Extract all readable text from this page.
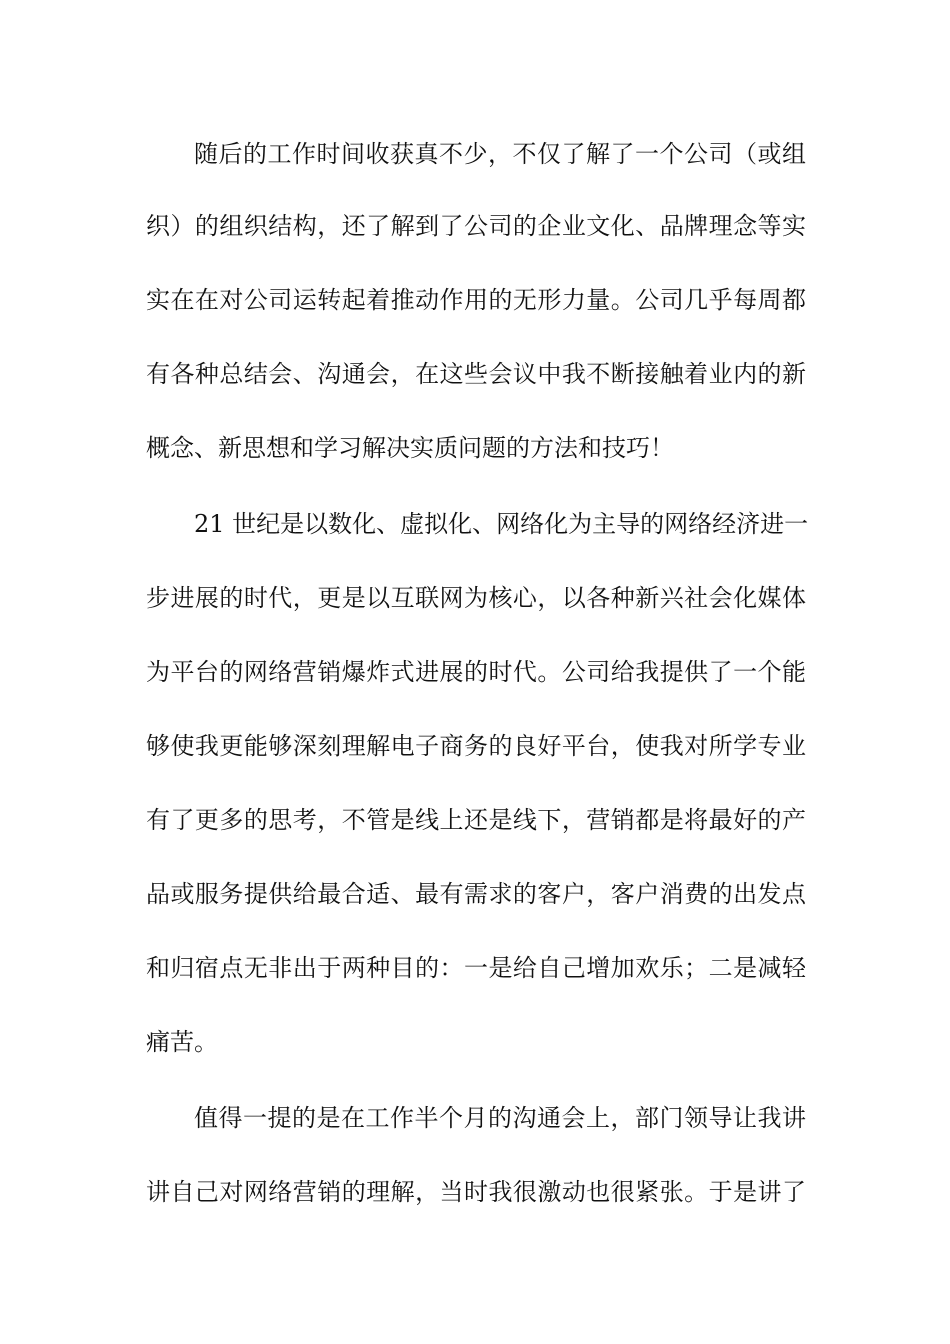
随后的工作时间收获真不少，不仅了解了一个公司（或组
织）的组织结构，还了解到了公司的企业文化、品牌理念等实
实在在对公司运转起着推动作用的无形力量。公司几乎每周都
有各种总结会、沟通会，在这些会议中我不断接触着业内的新
概念、新思想和学习解决实质问题的方法和技巧！
21 世纪是以数化、虚拟化、网络化为主导的网络经济进一
步进展的时代，更是以互联网为核心，以各种新兴社会化媒体
为平台的网络营销爆炸式进展的时代。公司给我提供了一个能
够使我更能够深刻理解电子商务的良好平台，使我对所学专业
有了更多的思考，不管是线上还是线下，营销都是将最好的产
品或服务提供给最合适、最有需求的客户，客户消费的出发点
和归宿点无非出于两种目的：一是给自己增加欢乐；二是减轻
痛苦。
值得一提的是在工作半个月的沟通会上，部门领导让我讲
讲自己对网络营销的理解，当时我很激动也很紧张。于是讲了
